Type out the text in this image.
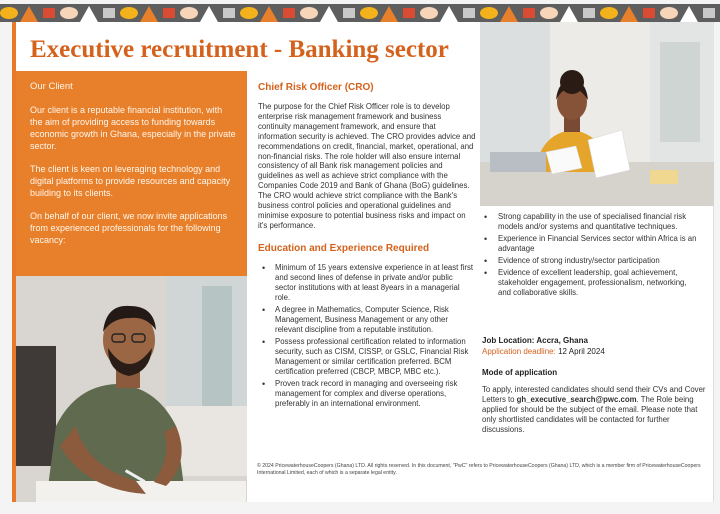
Executive recruitment - Banking sector
Our Client

Our client is a reputable financial institution, with the aim of providing access to funding towards economic growth in Ghana, especially in the private sector.

The client is keen on leveraging technology and digital platforms to provide resources and capacity building to its clients.

On behalf of our client, we now invite applications from experienced professionals for the following vacancy:

Chief Risk Officer (CRO)

The purpose for the Chief Risk Officer role is to develop enterprise risk management framework and business continuity management framework, and ensure that information security is achieved. The CRO provides advice and recommendations on credit, financial, market, operational, and non-financial risks. The role holder will also ensure internal consistency of all Bank risk management policies and guidelines as well as achieve strict compliance with the Companies Code 2019 and Bank of Ghana (BoG) guidelines. The CRO would achieve strict compliance with the Bank's business control policies and operational guidelines and minimise exposure to potential business risks and impact on it's performance.

Education and Experience Required
• Minimum of 15 years extensive experience in at least first and second lines of defense in private and/or public sector institutions with at least 8years in a managerial role.
• A degree in Mathematics, Computer Science, Risk Management, Business Management or any other relevant discipline from a reputable institution.
• Possess professional certification related to information security, such as CISM, CISSP, or GSLC, Financial Risk Management or similar certification preferred. BCM certification preferred (CBCP, MBCP, MBC etc.).
• Proven track record in managing and overseeing risk management for complex and diverse operations, preferably in an international environment.
• Strong capability in the use of specialised financial risk models and/or systems and quantitative techniques.
• Experience in Financial Services sector within Africa is an advantage
• Evidence of strong industry/sector participation
• Evidence of excellent leadership, goal achievement, stakeholder engagement, professionalism, networking, and collaborative skills.
Job Location: Accra, Ghana
Application deadline: 12 April 2024
Mode of application
To apply, interested candidates should send their CVs and Cover Letters to gh_executive_search@pwc.com. The Role being applied for should be the subject of the email. Please note that only shortlisted candidates will be contacted for further discussions.
© 2024 PricewaterhouseCoopers (Ghana) LTD. All rights reserved. In this document, "PwC" refers to PricewaterhouseCoopers (Ghana) LTD, which is a member firm of PricewaterhouseCoopers International Limited, each of which is a separate legal entity.
